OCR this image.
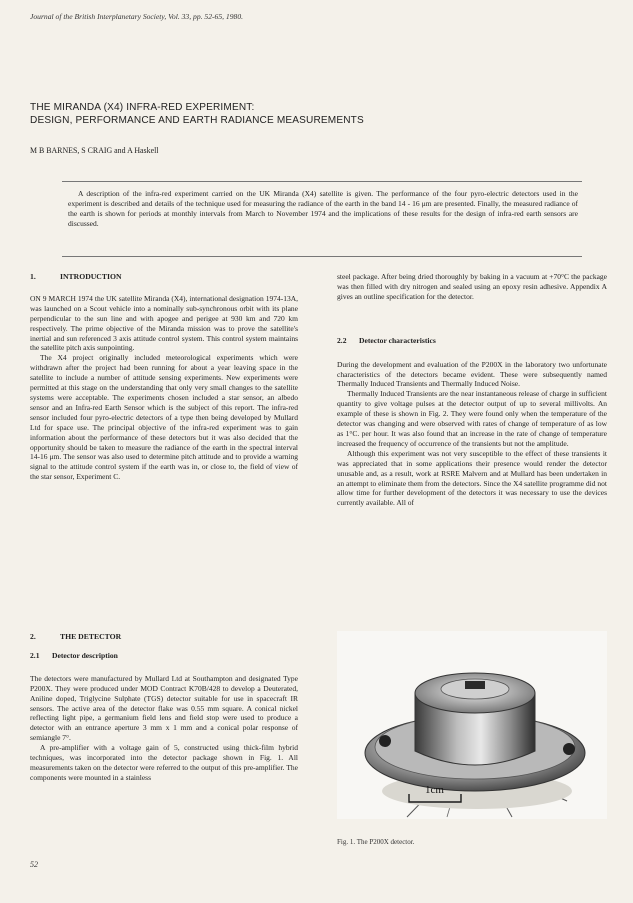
Journal of the British Interplanetary Society, Vol. 33, pp. 52-65, 1980.
THE MIRANDA (X4) INFRA-RED EXPERIMENT:
DESIGN, PERFORMANCE AND EARTH RADIANCE MEASUREMENTS
M B BARNES, S CRAIG and A Haskell
A description of the infra-red experiment carried on the UK Miranda (X4) satellite is given. The performance of the four pyro-electric detectors used in the experiment is described and details of the technique used for measuring the radiance of the earth in the band 14 - 16 μm are presented. Finally, the measured radiance of the earth is shown for periods at monthly intervals from March to November 1974 and the implications of these results for the design of infra-red earth sensors are discussed.
1.	INTRODUCTION

ON 9 MARCH 1974 the UK satellite Miranda (X4), international designation 1974-13A, was launched on a Scout vehicle into a nominally sub-synchronous orbit with its plane perpendicular to the sun line and with apogee and perigee at 930 km and 720 km respectively. The prime objective of the Miranda mission was to prove the satellite's inertial and sun referenced 3 axis attitude control system. This control system maintains the satellite pitch axis sunpointing.

The X4 project originally included meteorological experiments which were withdrawn after the project had been running for about a year leaving space in the satellite to include a number of attitude sensing experiments. New experiments were permitted at this stage on the understanding that only very small changes to the satellite systems were acceptable. The experiments chosen included a star sensor, an albedo sensor and an Infra-red Earth Sensor which is the subject of this report. The infra-red sensor included four pyro-electric detectors of a type then being developed by Mullard Ltd for space use. The principal objective of the infra-red experiment was to gain information about the performance of these detectors but it was also decided that the opportunity should be taken to measure the radiance of the earth in the spectral interval 14-16 μm. The sensor was also used to determine pitch attitude and to provide a warning signal to the attitude control system if the earth was in, or close to, the field of view of the star sensor, Experiment C.

2.	THE DETECTOR
2.1 Detector description

The detectors were manufactured by Mullard Ltd at Southampton and designated Type P200X. They were produced under MOD Contract K70B/428 to develop a Deuterated, Aniline doped, Triglycine Sulphate (TGS) detector suitable for use in spacecraft IR sensors. The active area of the detector flake was 0.55 mm square. A conical nickel reflecting light pipe, a germanium field lens and field stop were used to produce a detector with an entrance aperture 3 mm x 1 mm and a conical polar response of semiangle 7°.

A pre-amplifier with a voltage gain of 5, constructed using thick-film hybrid techniques, was incorporated into the detector package shown in Fig. 1. All measurements taken on the detector were referred to the output of this pre-amplifier. The components were mounted in a stainless

steel package. After being dried thoroughly by baking in a vacuum at +70°C the package was then filled with dry nitrogen and sealed using an epoxy resin adhesive. Appendix A gives an outline specification for the detector.

2.2 Detector characteristics

During the development and evaluation of the P200X in the laboratory two unfortunate characteristics of the detectors became evident. These were subsequently named Thermally Induced Transients and Thermally Induced Noise.

Thermally Induced Transients are the near instantaneous release of charge in sufficient quantity to give voltage pulses at the detector output of up to several millivolts. An example of these is shown in Fig. 2. They were found only when the temperature of the detector was changing and were observed with rates of change of temperature of as low as 1°C. per hour. It was also found that an increase in the rate of change of temperature increased the frequency of occurrence of the transients but not the amplitude.

Although this experiment was not very susceptible to the effect of these transients it was appreciated that in some applications their presence would render the detector unusable and, as a result, work at RSRE Malvern and at Mullard has been undertaken in an attempt to eliminate them from the detectors. Since the X4 satellite programme did not allow time for further development of the detectors it was necessary to use the devices currently available. All of

1cm
Fig. 1. The P200X detector.
52
